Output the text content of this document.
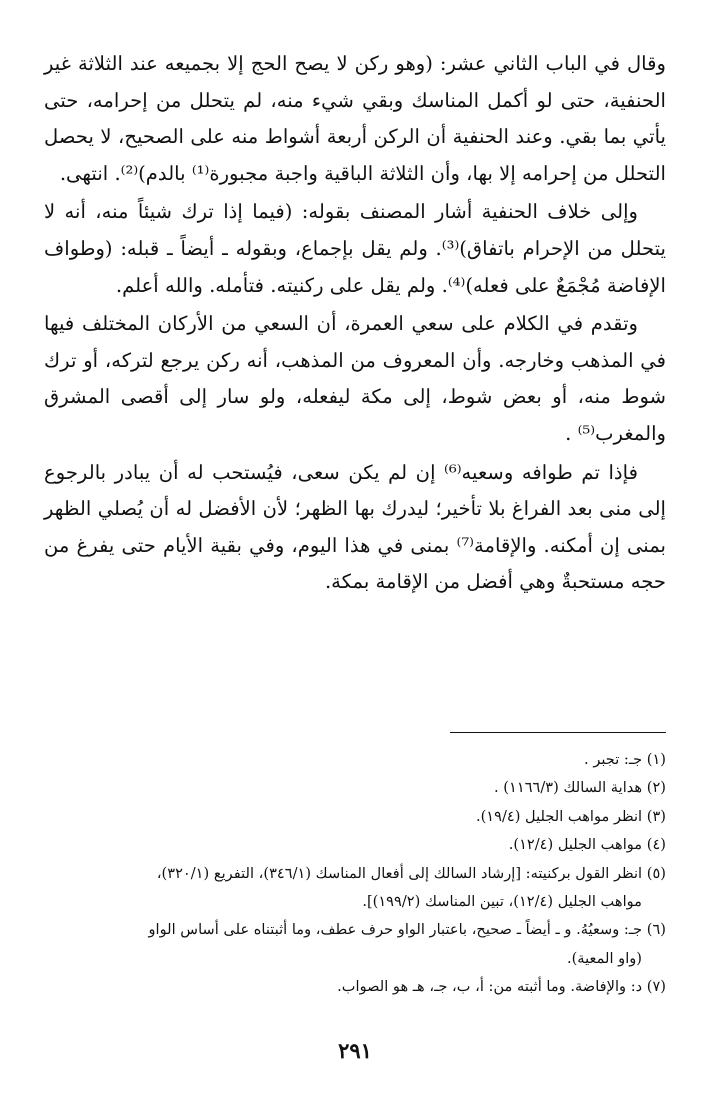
وقال في الباب الثاني عشر: (وهو ركن لا يصح الحج إلا بجميعه عند الثلاثة غير الحنفية، حتى لو أكمل المناسك وبقي شيء منه، لم يتحلل من إحرامه، حتى يأتي بما بقي. وعند الحنفية أن الركن أربعة أشواط منه على الصحيح، لا يحصل التحلل من إحرامه إلا بها، وأن الثلاثة الباقية واجبة مجبورة⁽¹⁾ بالدم)⁽²⁾. انتهى.

وإلى خلاف الحنفية أشار المصنف بقوله: (فيما إذا ترك شيئاً منه، أنه لا يتحلل من الإحرام باتفاق)⁽³⁾. ولم يقل بإجماع، وبقوله ـ أيضاً ـ قبله: (وطواف الإفاضة مُجْمَعٌ على فعله)⁽⁴⁾. ولم يقل على ركنيته. فتأمله. والله أعلم.

وتقدم في الكلام على سعي العمرة، أن السعي من الأركان المختلف فيها في المذهب وخارجه. وأن المعروف من المذهب، أنه ركن يرجع لتركه، أو ترك شوط منه، أو بعض شوط، إلى مكة ليفعله، ولو سار إلى أقصى المشرق والمغرب⁽⁵⁾ .

فإذا تم طوافه وسعيه⁽⁶⁾ إن لم يكن سعى، فيُستحب له أن يبادر بالرجوع إلى منى بعد الفراغ بلا تأخير؛ ليدرك بها الظهر؛ لأن الأفضل له أن يُصلي الظهر بمنى إن أمكنه. والإقامة⁽⁷⁾ بمنى في هذا اليوم، وفي بقية الأيام حتى يفرغ من حجه مستحبةٌ وهي أفضل من الإقامة بمكة.

(١) جـ: تجبر .
(٢) هداية السالك (١١٦٦/٣) .
(٣) انظر مواهب الجليل (١٩/٤).
(٤) مواهب الجليل (١٢/٤).
(٥) انظر القول بركنيته: [إرشاد السالك إلى أفعال المناسك (٣٤٦/١)، التفريع (٣٢٠/١)،
مواهب الجليل (١٢/٤)، تبين المناسك (١٩٩/٢)].
(٦) جـ: وسعيُهُ. و ـ أيضاً ـ صحيح، باعتبار الواو حرف عطف، وما أثبتناه على أساس الواو
(واو المعية).
(٧) د: والإفاضة. وما أثبته من: أ، ب، جـ، هـ هو الصواب.
٢٩١
